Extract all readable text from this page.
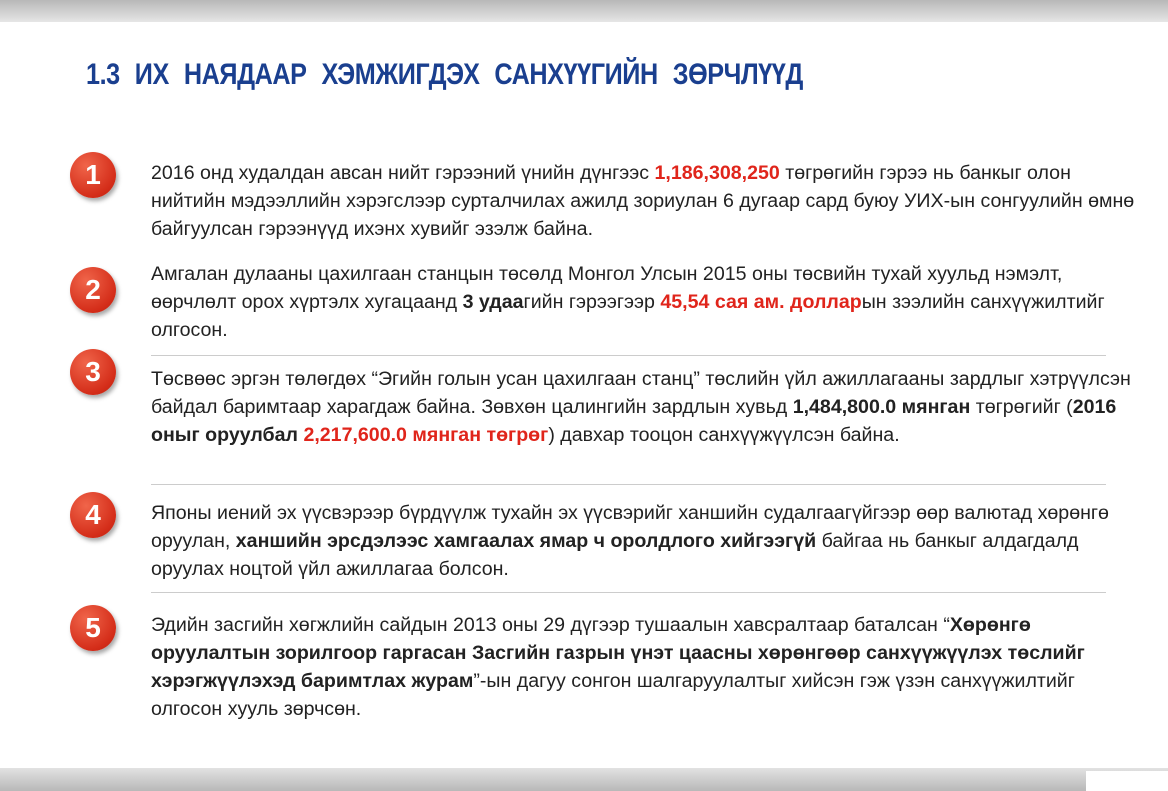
1.3 ИХ НАЯДААР ХЭМЖИГДЭХ САНХҮҮГИЙН ЗӨРЧЛҮҮД
1	2016 онд худалдан авсан нийт гэрээний үнийн дүнгээс 1,186,308,250 төгрөгийн гэрээ нь банкыг олон нийтийн мэдээллийн хэрэгслээр сурталчилах ажилд зориулан 6 дугаар сард буюу УИХ-ын сонгуулийн өмнө байгуулсан гэрээнүүд ихэнх хувийг эзэлж байна.

2	Амгалан дулааны цахилгаан станцын төсөлд Монгол Улсын 2015 оны төсвийн тухай хуульд нэмэлт, өөрчлөлт орох хүртэлх хугацаанд 3 удаагийн гэрээгээр 45,54 сая ам. долларын зээлийн санхүүжилтийг олгосон.

3	Төсвөөс эргэн төлөгдөх “Эгийн голын усан цахилгаан станц” төслийн үйл ажиллагааны зардлыг хэтрүүлсэн байдал баримтаар харагдаж байна. Зөвхөн цалингийн зардлын хувьд 1,484,800.0 мянган төгрөгийг (2016 оныг оруулбал 2,217,600.0 мянган төгрөг) давхар тооцон санхүүжүүлсэн байна.

4	Японы иений эх үүсвэрээр бүрдүүлж тухайн эх үүсвэрийг ханшийн судалгаагүйгээр өөр валютад хөрөнгө оруулан, ханшийн эрсдэлээс хамгаалах ямар ч оролдлого хийгээгүй байгаа нь банкыг алдагдалд оруулах ноцтой үйл ажиллагаа болсон.

5	Эдийн засгийн хөгжлийн сайдын 2013 оны 29 дүгээр тушаалын хавсралтаар баталсан “Хөрөнгө оруулалтын зорилгоор гаргасан Засгийн газрын үнэт цаасны хөрөнгөөр санхүүжүүлэх төслийг хэрэгжүүлэхэд баримтлах журам”-ын дагуу сонгон шалгаруулалтыг хийсэн гэж үзэн санхүүжилтийг олгосон хууль зөрчсөн.
